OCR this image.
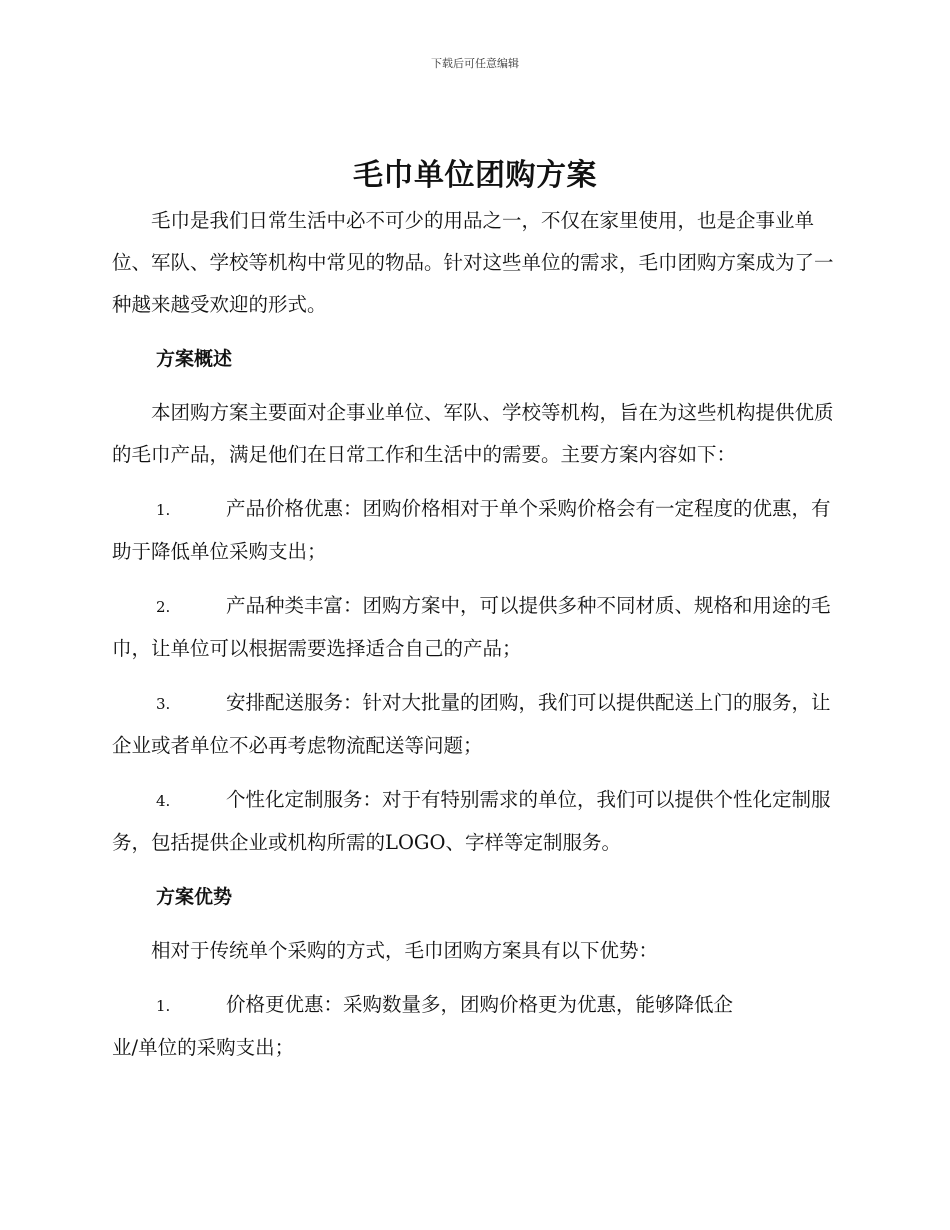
下载后可任意编辑
毛巾单位团购方案

毛巾是我们日常生活中必不可少的用品之一，不仅在家里使用，也是企事业单位、军队、学校等机构中常见的物品。针对这些单位的需求，毛巾团购方案成为了一种越来越受欢迎的形式。

方案概述

本团购方案主要面对企事业单位、军队、学校等机构，旨在为这些机构提供优质的毛巾产品，满足他们在日常工作和生活中的需要。主要方案内容如下：

1.	产品价格优惠：团购价格相对于单个采购价格会有一定程度的优惠，有助于降低单位采购支出；

2.	产品种类丰富：团购方案中，可以提供多种不同材质、规格和用途的毛巾，让单位可以根据需要选择适合自己的产品；

3.	安排配送服务：针对大批量的团购，我们可以提供配送上门的服务，让企业或者单位不必再考虑物流配送等问题；

4.	个性化定制服务：对于有特别需求的单位，我们可以提供个性化定制服务，包括提供企业或机构所需的LOGO、字样等定制服务。

方案优势

相对于传统单个采购的方式，毛巾团购方案具有以下优势：

1.	价格更优惠：采购数量多，团购价格更为优惠，能够降低企
业/单位的采购支出；
